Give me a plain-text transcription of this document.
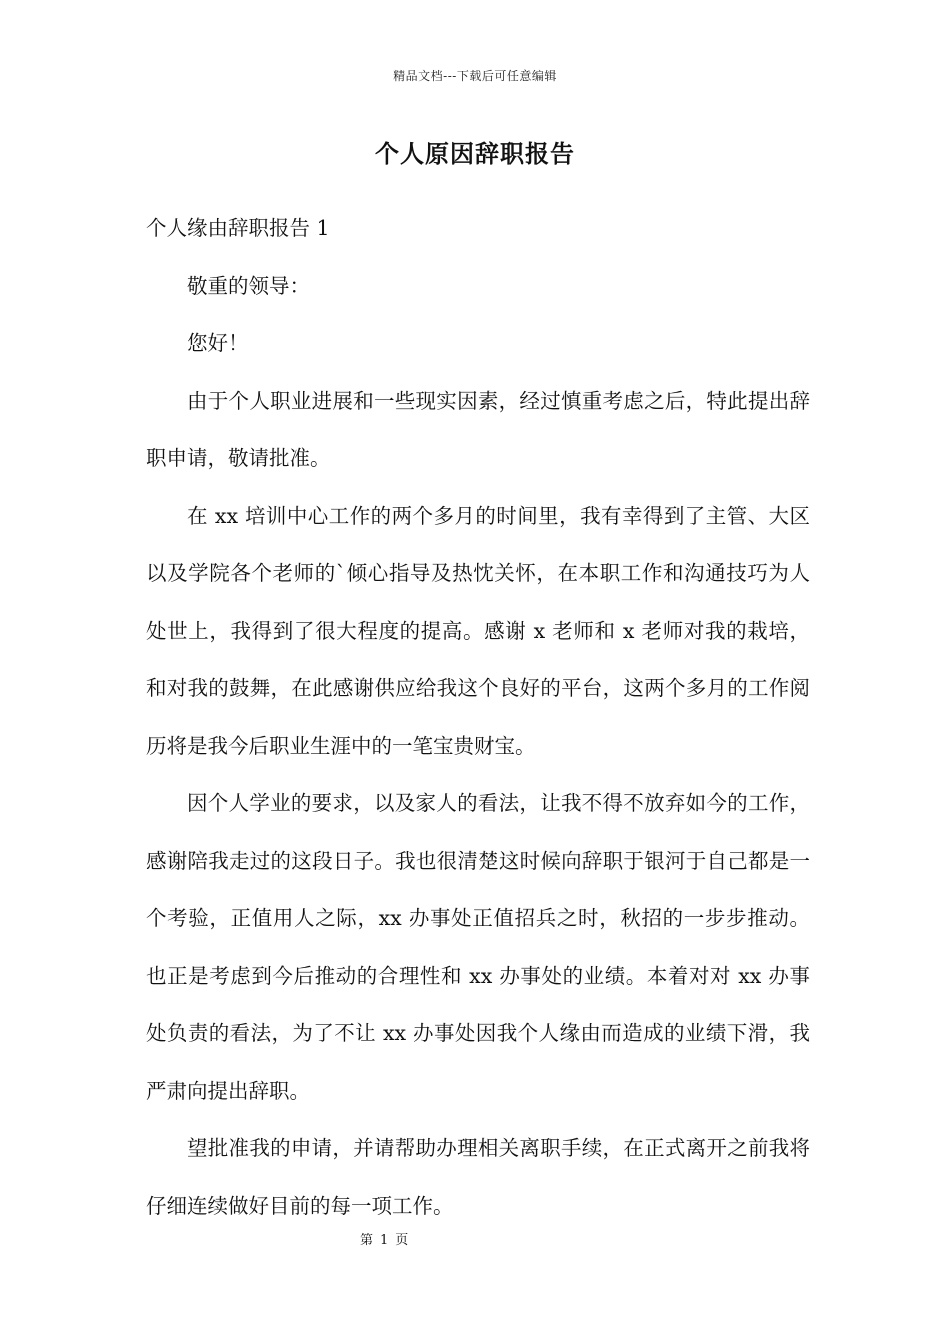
精品文档---下载后可任意编辑
个人原因辞职报告

个人缘由辞职报告 1

敬重的领导：

您好！

由于个人职业进展和一些现实因素，经过慎重考虑之后，特此提出辞职申请，敬请批准。

在 xx 培训中心工作的两个多月的时间里，我有幸得到了主管、大区以及学院各个老师的`倾心指导及热忱关怀，在本职工作和沟通技巧为人处世上，我得到了很大程度的提高。感谢 x 老师和 x 老师对我的栽培，和对我的鼓舞，在此感谢供应给我这个良好的平台，这两个多月的工作阅历将是我今后职业生涯中的一笔宝贵财宝。

因个人学业的要求，以及家人的看法，让我不得不放弃如今的工作，感谢陪我走过的这段日子。我也很清楚这时候向辞职于银河于自己都是一个考验，正值用人之际，xx 办事处正值招兵之时，秋招的一步步推动。也正是考虑到今后推动的合理性和 xx 办事处的业绩。本着对对 xx 办事处负责的看法，为了不让 xx 办事处因我个人缘由而造成的业绩下滑，我严肃向提出辞职。

望批准我的申请，并请帮助办理相关离职手续，在正式离开之前我将仔细连续做好目前的每一项工作。

第 1 页
